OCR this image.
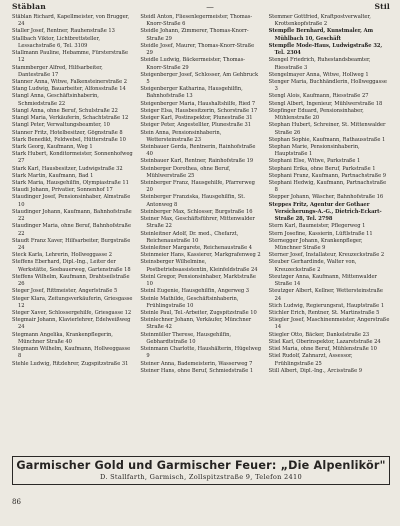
Stäblan	—	Stil
Stäblan Richard, Kapellmeister, von Brugger, 24
Staller Josef, Rentner, Rauhenstraße 13
Stallbach Viktor, Lichtbrettsteller, Lessachstraße 6, Tel. 3109
Stallmann Pauline, Hebamme, Fürsterstraße 12
Stammberger Alfred, Hilfsarbeiter, Dantestraße 17
Stanner Anna, Witwe, Falkensteinerstraße 2
Stang Ludwig, Bauarbeiter, Alfonsstraße 14
Stangl Anna, Geschäftsinhaberin, Schmiedstraße 22
Stangl Anna, ohne Beruf, Schulstraße 22
Stangl Maria, Verkäuferin, Schachtstraße 12
Stangl Peter, Verwaltungsbeamter, 10
Stanner Fritz, Hotelbesitzer, Gögnstraße 8
Stark Benedikt, Feldwebel, Hütterstraße 10
Stark Georg, Kaufmann, Weg 1
Stark Hubert, Konditormeister, Sonnenhofweg 27
Stark Karl, Hausbesitzer, Ludwigstraße 32
Stark Martin, Kaufmann, Bad 1
Stark Maria, Hausgehilfin, Olympiastraße 11
Staudi Johann, Privatier, Sonnenhof 17
Staudinger Josef, Pensionsinhaber, Almstraße 10
Staudinger Johann, Kaufmann, Bahnhofstraße 22
Staudinger Maria, ohne Beruf, Bahnhofstraße 22
Staudt Franz Xaver, Hilfsarbeiter, Burgstraße 24
Steck Karla, Lehrerin, Hollweggasse 2
Steffens Eberhard, Dipl.-Ing., Leiter der Werkstätte, Seebauerweg, Gartenstraße 18
Steffens Wilhelm, Kaufmann, Drahtseilstraße 26
Steger Josef, Rittmeister, Angerlstraße 5
Steger Klara, Zeitungsverkäuferin, Griesgasse 12
Steger Xaver, Schlossergehilfe, Griesgasse 12
Stegmair Johann, Klavierlehrer, Edelweißweg 24
Stegmann Angelika, Krankenpflegerin, Münchner Straße 40
Stegmann Wilhelm, Kaufmann, Hollweggasse 8
Stehle Ludwig, Ritzlehrer, Zugspitzstraße 31
Steidl Anton, Fliesenlegermeister, Thomas-Knorr-Straße 6
Steidle Johann, Zimmerer, Thomas-Knorr-Straße 29
Steidle Josef, Maurer, Thomas-Knorr-Straße 29
Steidle Ludwig, Bäckermeister, Thomas-Knorr-Straße 29
Steigenberger Josef, Schlosser, Am Gehbruck 5
Steigenberger Katharina, Hausgehilfin, Bahnhofstraße 13
Steigenberger Maria, Haushaltshilfe, Ried 7
Steiger Elsa, Hausbesitzerin, Schorstraße 17
Steiger Karl, Postinspektor, Plunestraße 31
Steiger Peter, Angestellter, Plunestraße 31
Stein Anna, Pensionsinhaberin, Wettersteinstraße 23
Steinbauer Gerda, Rentnerin, Rainhofstraße 40
Steinbauer Karl, Rentner, Rainhofstraße 19
Steinberger Dorothea, ohne Beruf, Mühlwerstraße 25
Steinberger Franz, Hausgehilfe, Pfarrerweg 20
Steinberger Franziska, Hausgehilfin, St. Antonweg 8
Steinberger Max, Schlosser, Burgstraße 16
Steiner Max, Geschäftsführer, Mittenwalder Straße 22
Steinleitner Adolf, Dr. med., Chefarzt, Reichenaustraße 10
Steinleitner Margarete, Reichenaustraße 4
Steinmeier Hans, Kassierer, Markgrafenweg 2
Steinsberger Wilhelmine, Postbetriebsassistentin, Kleinfeldstraße 24
Steinl Gregor, Pensionsinhaber, Marktstraße 10
Steinl Eugenie, Hausgehilfin, Angerweg 3
Steinle Mathilde, Geschäftsinhaberin, Frühlingstraße 10
Steinle Paul, Tel.-Arbeiter, Zugspitzstraße 10
Steinlechner Johann, Verkäufer, Münchner Straße 42
Steinmüller Therese, Hausgehilfin, Gebhardtstraße 10
Steinmann Charlotte, Haushälterin, Hügelweg 9
Steiner Anna, Bademeisterin, Wasserweg 7
Steiner Hans, ohne Beruf, Schmiedstraße 1
Stemmer Gottfried, Kraftpostverwalter, Krottenkopfstraße 2
Stempfle Bernhard, Kunstmaler, Am Mühlbach 10, Geschäft
Stempfle Mode-Haus, Ludwigstraße 32, Tel. 2304
Stengel Friedrich, Ruhestandsbeamter, Riesstraße 3
Stengelmayer Anna, Witwe, Hollweg 1
Stenger Maria, Buchhändlerin, Hollweggasse 3
Stengl Alois, Kaufmann, Riesstraße 27
Stengl Albert, Ingenieur, Mühlwerstraße 18
Stepfinger Eduard, Pensionsinhaber, Mühlenstraße 20
Stephan Hubert, Schreiner, St. Mittenwalder Straße 26
Stephan Sophie, Kaufmann, Rathausstraße 1
Stephan Marie, Pensionsinhaberin, Hauptstraße 1
Stephani Else, Witwe, Parkstraße 1
Stephani Erika, ohne Beruf, Parkstraße 1
Stephani Franz, Kaufmann, Partnachstraße 9
Stephani Hedwig, Kaufmann, Partnachstraße 8
Stepper Johann, Wäscher, Bahnhofstraße 16
Steppes Fritz, Agentur der Gothaer Versicherungs-A.-G., Dietrich-Eckart-Straße 28, Tel. 2798
Stern Karl, Baumeister, Pflegerweg 1
Stern Josefine, Kassierin, Lüftlstraße 11
Sternegger Johann, Krankenpfleger, Münchner Straße 9
Sterner Josef, Installateur, Kreuzeckstraße 2
Steuber Gerhardinde, Walter von, Kreuzeckstraße 2
Steutzger Anna, Kaufmann, Mittenwalder Straße 14
Steutzger Albert, Kellner, Wettersteinstraße 24
Stich Ludwig, Regierungsrat, Hauptstraße 1
Stichler Erich, Rentner, St. Martinstraße 5
Stiegler Josef, Maschinenmeister, Angerstraße 14
Stiegler Otto, Bäcker, Dankelstraße 23
Stiel Karl, Oberinspektor, Lazaretstraße 24
Stiel Maria, ohne Beruf, Mühlenstraße 10
Stiel Rudolf, Zahnarzt, Assessor, Frühlingstraße 25
Still Albert, Dipl.-Ing., Arcisstraße 9
Garmischer Gold und Garmischer Feuer: „Die Alpenlikör"
D. Stallfarth, Garmisch, Zollspitzstraße 9, Telefon 2410
86
